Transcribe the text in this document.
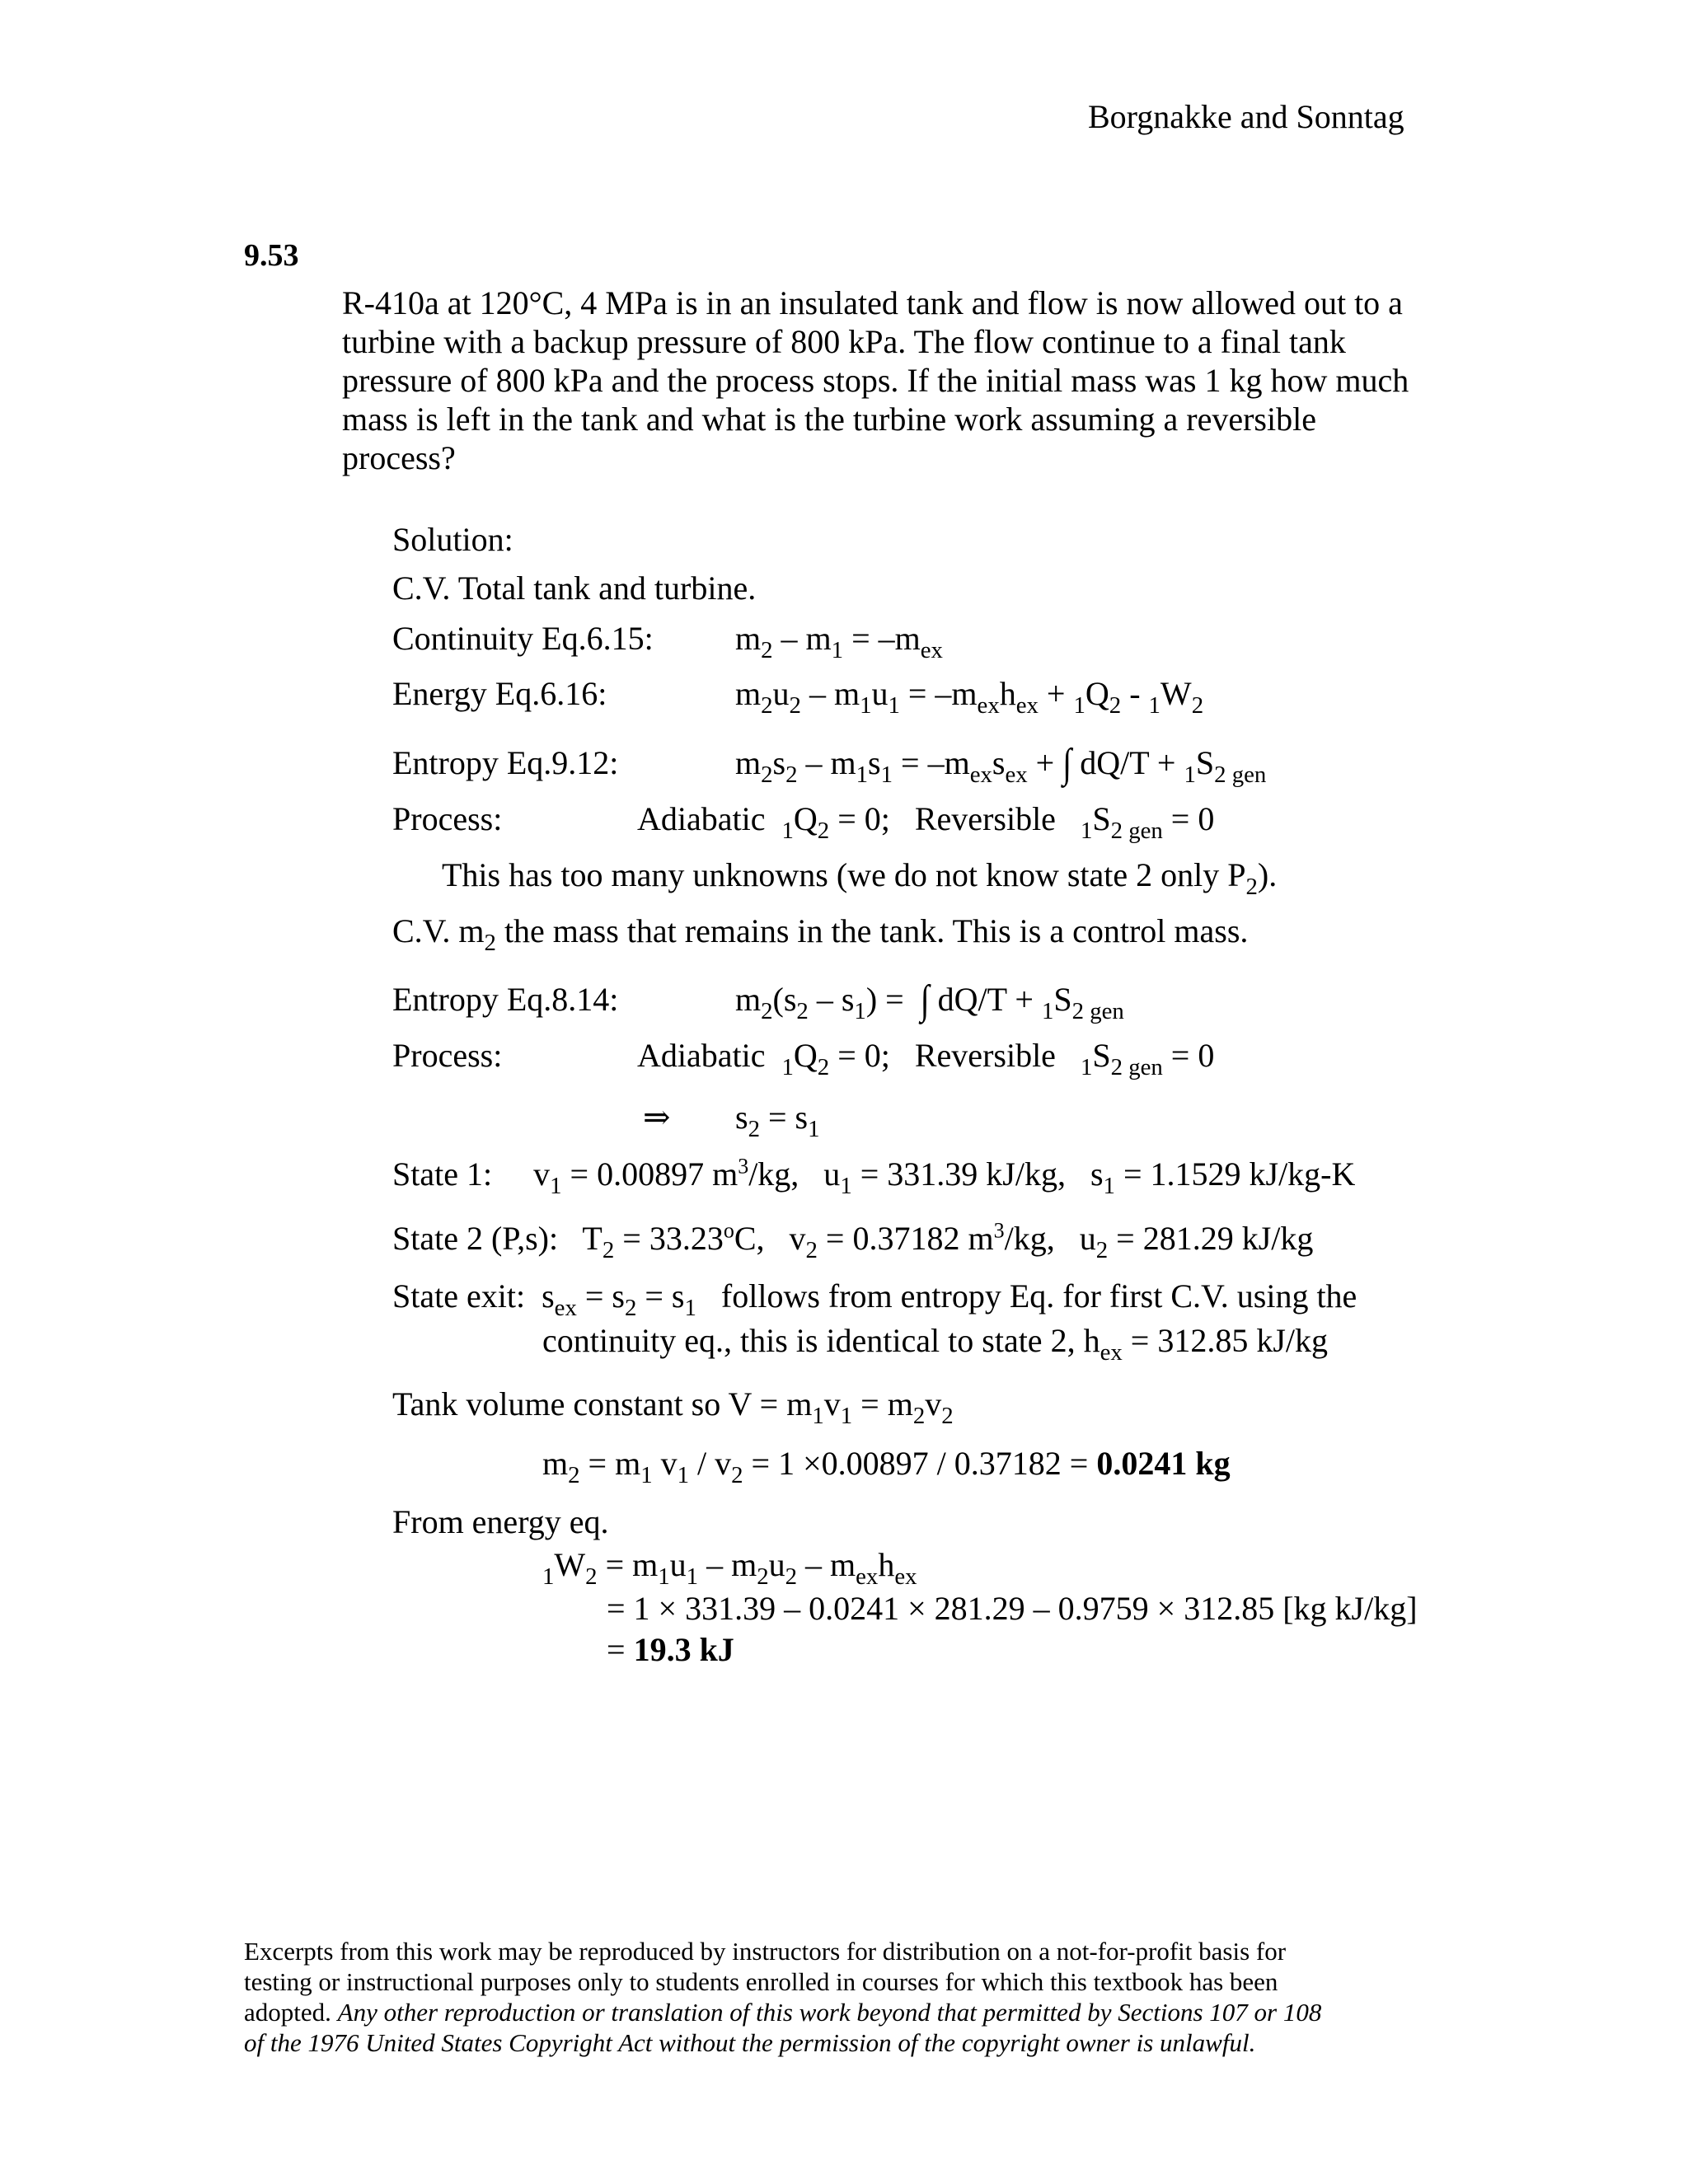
Borgnakke and Sonntag
9.53
R-410a at 120°C, 4 MPa is in an insulated tank and flow is now allowed out to a
turbine with a backup pressure of 800 kPa. The flow continue to a final tank
pressure of 800 kPa and the process stops. If the initial mass was 1 kg how much
mass is left in the tank and what is the turbine work assuming a reversible
process?
Solution:
C.V. Total tank and turbine.
Continuity Eq.6.15: $m_2 - m_1 = -m_{ex}$
Energy Eq.6.16:	$m_2u_2 - m_1u_1 = -m_{ex}h_{ex} + _1Q_2 - _1W_2$
Entropy Eq.9.12:	$m_2s_2 - m_1s_1 = -m_{ex}s_{ex}$ + ∫ $dQ/T + _1S_{2 gen}$
Process:	Adiabatic $_1Q_2 = 0$;   Reversible $_1S_{2 gen} = 0$
This has too many unknowns (we do not know state 2 only $P_2$).
C.V. $m_2$ the mass that remains in the tank. This is a control mass.
Entropy Eq.8.14:	$m_2(s_2 - s_1)$ =  ∫ $dQ/T + _1S_{2 gen}$
Process:	Adiabatic $_1Q_2 = 0$;   Reversible $_1S_{2 gen} = 0$
⇒ $s_2 = s_1$
State 1:     $v_1 = 0.00897$ $m^3/kg$,   $u_1 = 331.39$ kJ/kg,   $s_1 = 1.1529$ kJ/kg-K
State 2 (P,s):   $T_2 = 33.23^oC$,   $v_2 = 0.37182$ $m^3/kg$,   $u_2 = 281.29$ kJ/kg
State exit:  $s_{ex} = s_2 = s_1$ follows from entropy Eq. for first C.V. using the
continuity eq., this is identical to state 2, $h_{ex} = 312.85$ kJ/kg
Tank volume constant so $V = m_1v_1 = m_2v_2$
$m_2 = m_1$ $v_1 / v_2 = 1 \times 0.00897 / 0.37182 = 0.0241$ kg
From energy eq.
$_1W_2 = m_1u_1 - m_2u_2 - m_{ex}h_{ex}$
= 1 × 331.39 – 0.0241 × 281.29 – 0.9759 × 312.85 [kg kJ/kg]
= 19.3 kJ
Excerpts from this work may be reproduced by instructors for distribution on a not-for-profit basis for
testing or instructional purposes only to students enrolled in courses for which this textbook has been
adopted. Any other reproduction or translation of this work beyond that permitted by Sections 107 or 108
of the 1976 United States Copyright Act without the permission of the copyright owner is unlawful.
